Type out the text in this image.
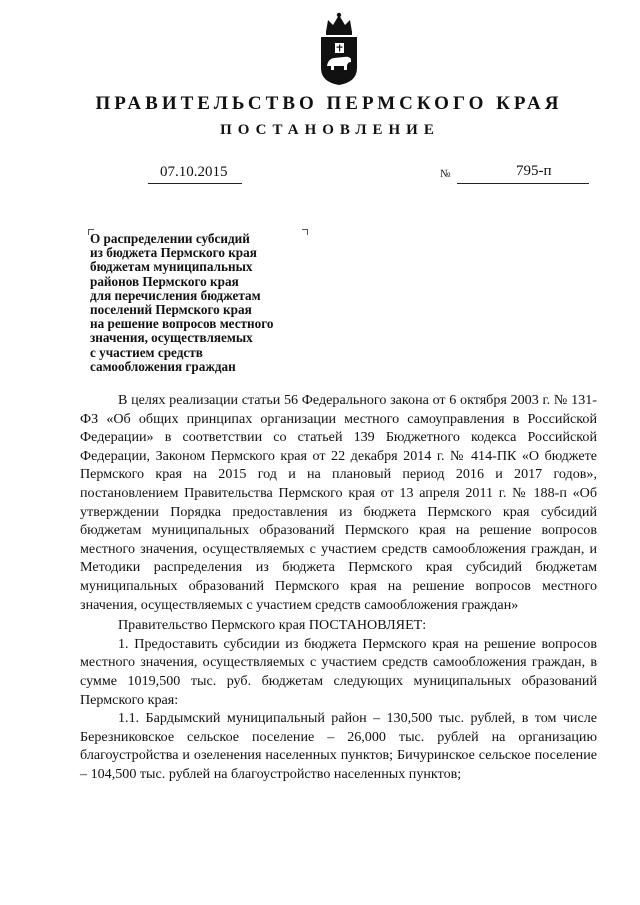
ПРАВИТЕЛЬСТВО ПЕРМСКОГО КРАЯ
ПОСТАНОВЛЕНИЕ
07.10.2015	№	795-п
О распределении субсидий
из бюджета Пермского края
бюджетам муниципальных
районов Пермского края
для перечисления бюджетам
поселений Пермского края
на решение вопросов местного
значения, осуществляемых
с участием средств
самообложения граждан

В целях реализации статьи 56 Федерального закона от 6 октября 2003 г. № 131-ФЗ «Об общих принципах организации местного самоуправления в Российской Федерации» в соответствии со статьей 139 Бюджетного кодекса Российской Федерации, Законом Пермского края от 22 декабря 2014 г. № 414-ПК «О бюджете Пермского края на 2015 год и на плановый период 2016 и 2017 годов», постановлением Правительства Пермского края от 13 апреля 2011 г. № 188-п «Об утверждении Порядка предоставления из бюджета Пермского края субсидий бюджетам муниципальных образований Пермского края на решение вопросов местного значения, осуществляемых с участием средств самообложения граждан, и Методики распределения из бюджета Пермского края субсидий бюджетам муниципальных образований Пермского края на решение вопросов местного значения, осуществляемых с участием средств самообложения граждан»

Правительство Пермского края ПОСТАНОВЛЯЕТ:

1. Предоставить субсидии из бюджета Пермского края на решение вопросов местного значения, осуществляемых с участием средств самообложения граждан, в сумме 1019,500 тыс. руб. бюджетам следующих муниципальных образований Пермского края:

1.1. Бардымский муниципальный район – 130,500 тыс. рублей, в том числе Березниковское сельское поселение – 26,000 тыс. рублей на организацию благоустройства и озеленения населенных пунктов; Бичуринское сельское поселение – 104,500 тыс. рублей на благоустройство населенных пунктов;
